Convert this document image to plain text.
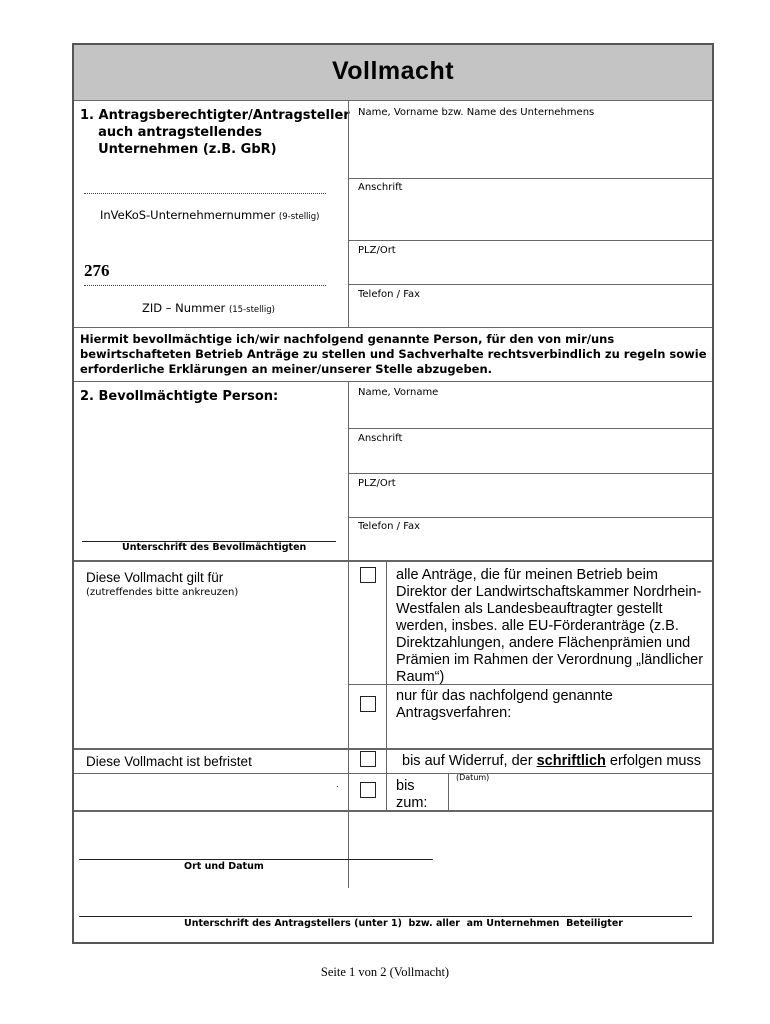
Vollmacht
1. Antragsberechtigter/Antragsteller
auch antragstellendes
Unternehmen (z.B. GbR)
InVeKoS-Unternehmernummer (9-stellig)
276
ZID – Nummer (15-stellig)
Name, Vorname bzw. Name des Unternehmens
Anschrift
PLZ/Ort
Telefon / Fax
Hiermit bevollmächtige ich/wir nachfolgend genannte Person, für den von mir/uns bewirtschafteten Betrieb Anträge zu stellen und Sachverhalte rechtsverbindlich zu regeln sowie erforderliche Erklärungen an meiner/unserer Stelle abzugeben.
2. Bevollmächtigte Person:
Unterschrift des Bevollmächtigten
Name, Vorname
Anschrift
PLZ/Ort
Telefon / Fax
Diese Vollmacht gilt für
(zutreffendes bitte ankreuzen)
alle Anträge, die für meinen Betrieb beim Direktor der Landwirtschaftskammer Nordrhein-Westfalen als Landesbeauftragter gestellt werden, insbes. alle EU-Förderanträge (z.B. Direktzahlungen, andere Flächenprämien und Prämien im Rahmen der Verordnung „ländlicher Raum“)
nur für das nachfolgend genannte Antragsverfahren:
Diese Vollmacht ist befristet	bis auf Widerruf, der schriftlich erfolgen muss
.	bis zum:
(Datum)
Ort und Datum
Unterschrift des Antragstellers (unter 1)  bzw. aller  am Unternehmen  Beteiligter
Seite 1 von 2 (Vollmacht)
